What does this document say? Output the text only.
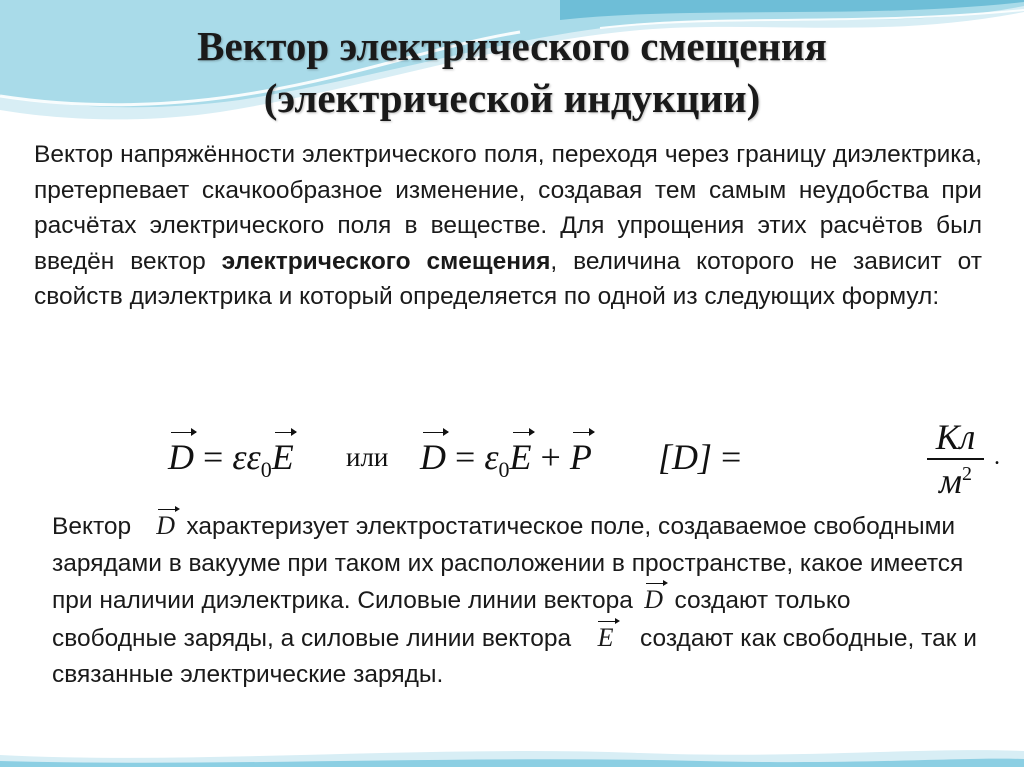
Вектор электрического смещения
(электрической индукции)
Вектор напряжённости электрического поля, переходя через границу диэлектрика, претерпевает скачкообразное изменение, создавая тем самым неудобства при расчётах электрического поля в веществе. Для упрощения этих расчётов был введён вектор электрического смещения, величина которого не зависит от свойств диэлектрика и который определяется по одной из следующих формул:
$D = \varepsilon\varepsilon_0E$ или $D = \varepsilon_0E + P$ [D] =	Кл
$м^2$
.
Вектор   D характеризует электростатическое поле, создаваемое свободными зарядами в вакууме при таком их расположении в пространстве, какое имеется при наличии диэлектрика. Силовые линии вектора D создают только свободные заряды, а силовые линии вектора   E   создают как свободные, так и связанные электрические заряды.
